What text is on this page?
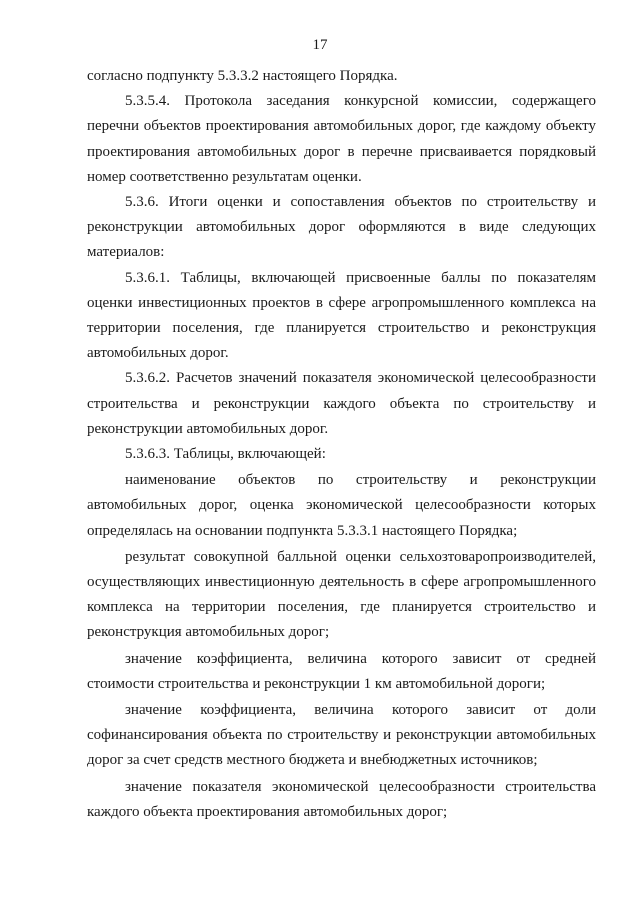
17

согласно подпункту 5.3.3.2 настоящего Порядка.

5.3.5.4. Протокола заседания конкурсной комиссии, содержащего перечни объектов проектирования автомобильных дорог, где каждому объекту проектирования автомобильных дорог в перечне присваивается порядковый номер соответственно результатам оценки.

5.3.6. Итоги оценки и сопоставления объектов по строительству и реконструкции автомобильных дорог оформляются в виде следующих материалов:

5.3.6.1. Таблицы, включающей присвоенные баллы по показателям оценки инвестиционных проектов в сфере агропромышленного комплекса на территории поселения, где планируется строительство и реконструкция автомобильных дорог.

5.3.6.2. Расчетов значений показателя экономической целесообразности строительства и реконструкции каждого объекта по строительству и реконструкции автомобильных дорог.

5.3.6.3. Таблицы, включающей:

наименование объектов по строительству и реконструкции автомобильных дорог, оценка экономической целесообразности которых определялась на основании подпункта 5.3.3.1 настоящего Порядка;

результат совокупной балльной оценки сельхозтоваропроизводителей, осуществляющих инвестиционную деятельность в сфере агропромышленного комплекса на территории поселения, где планируется строительство и реконструкция автомобильных дорог;

значение коэффициента, величина которого зависит от средней стоимости строительства и реконструкции 1 км автомобильной дороги;

значение коэффициента, величина которого зависит от доли софинансирования объекта по строительству и реконструкции автомобильных дорог за счет средств местного бюджета и внебюджетных источников;

значение показателя экономической целесообразности строительства каждого объекта проектирования автомобильных дорог;
